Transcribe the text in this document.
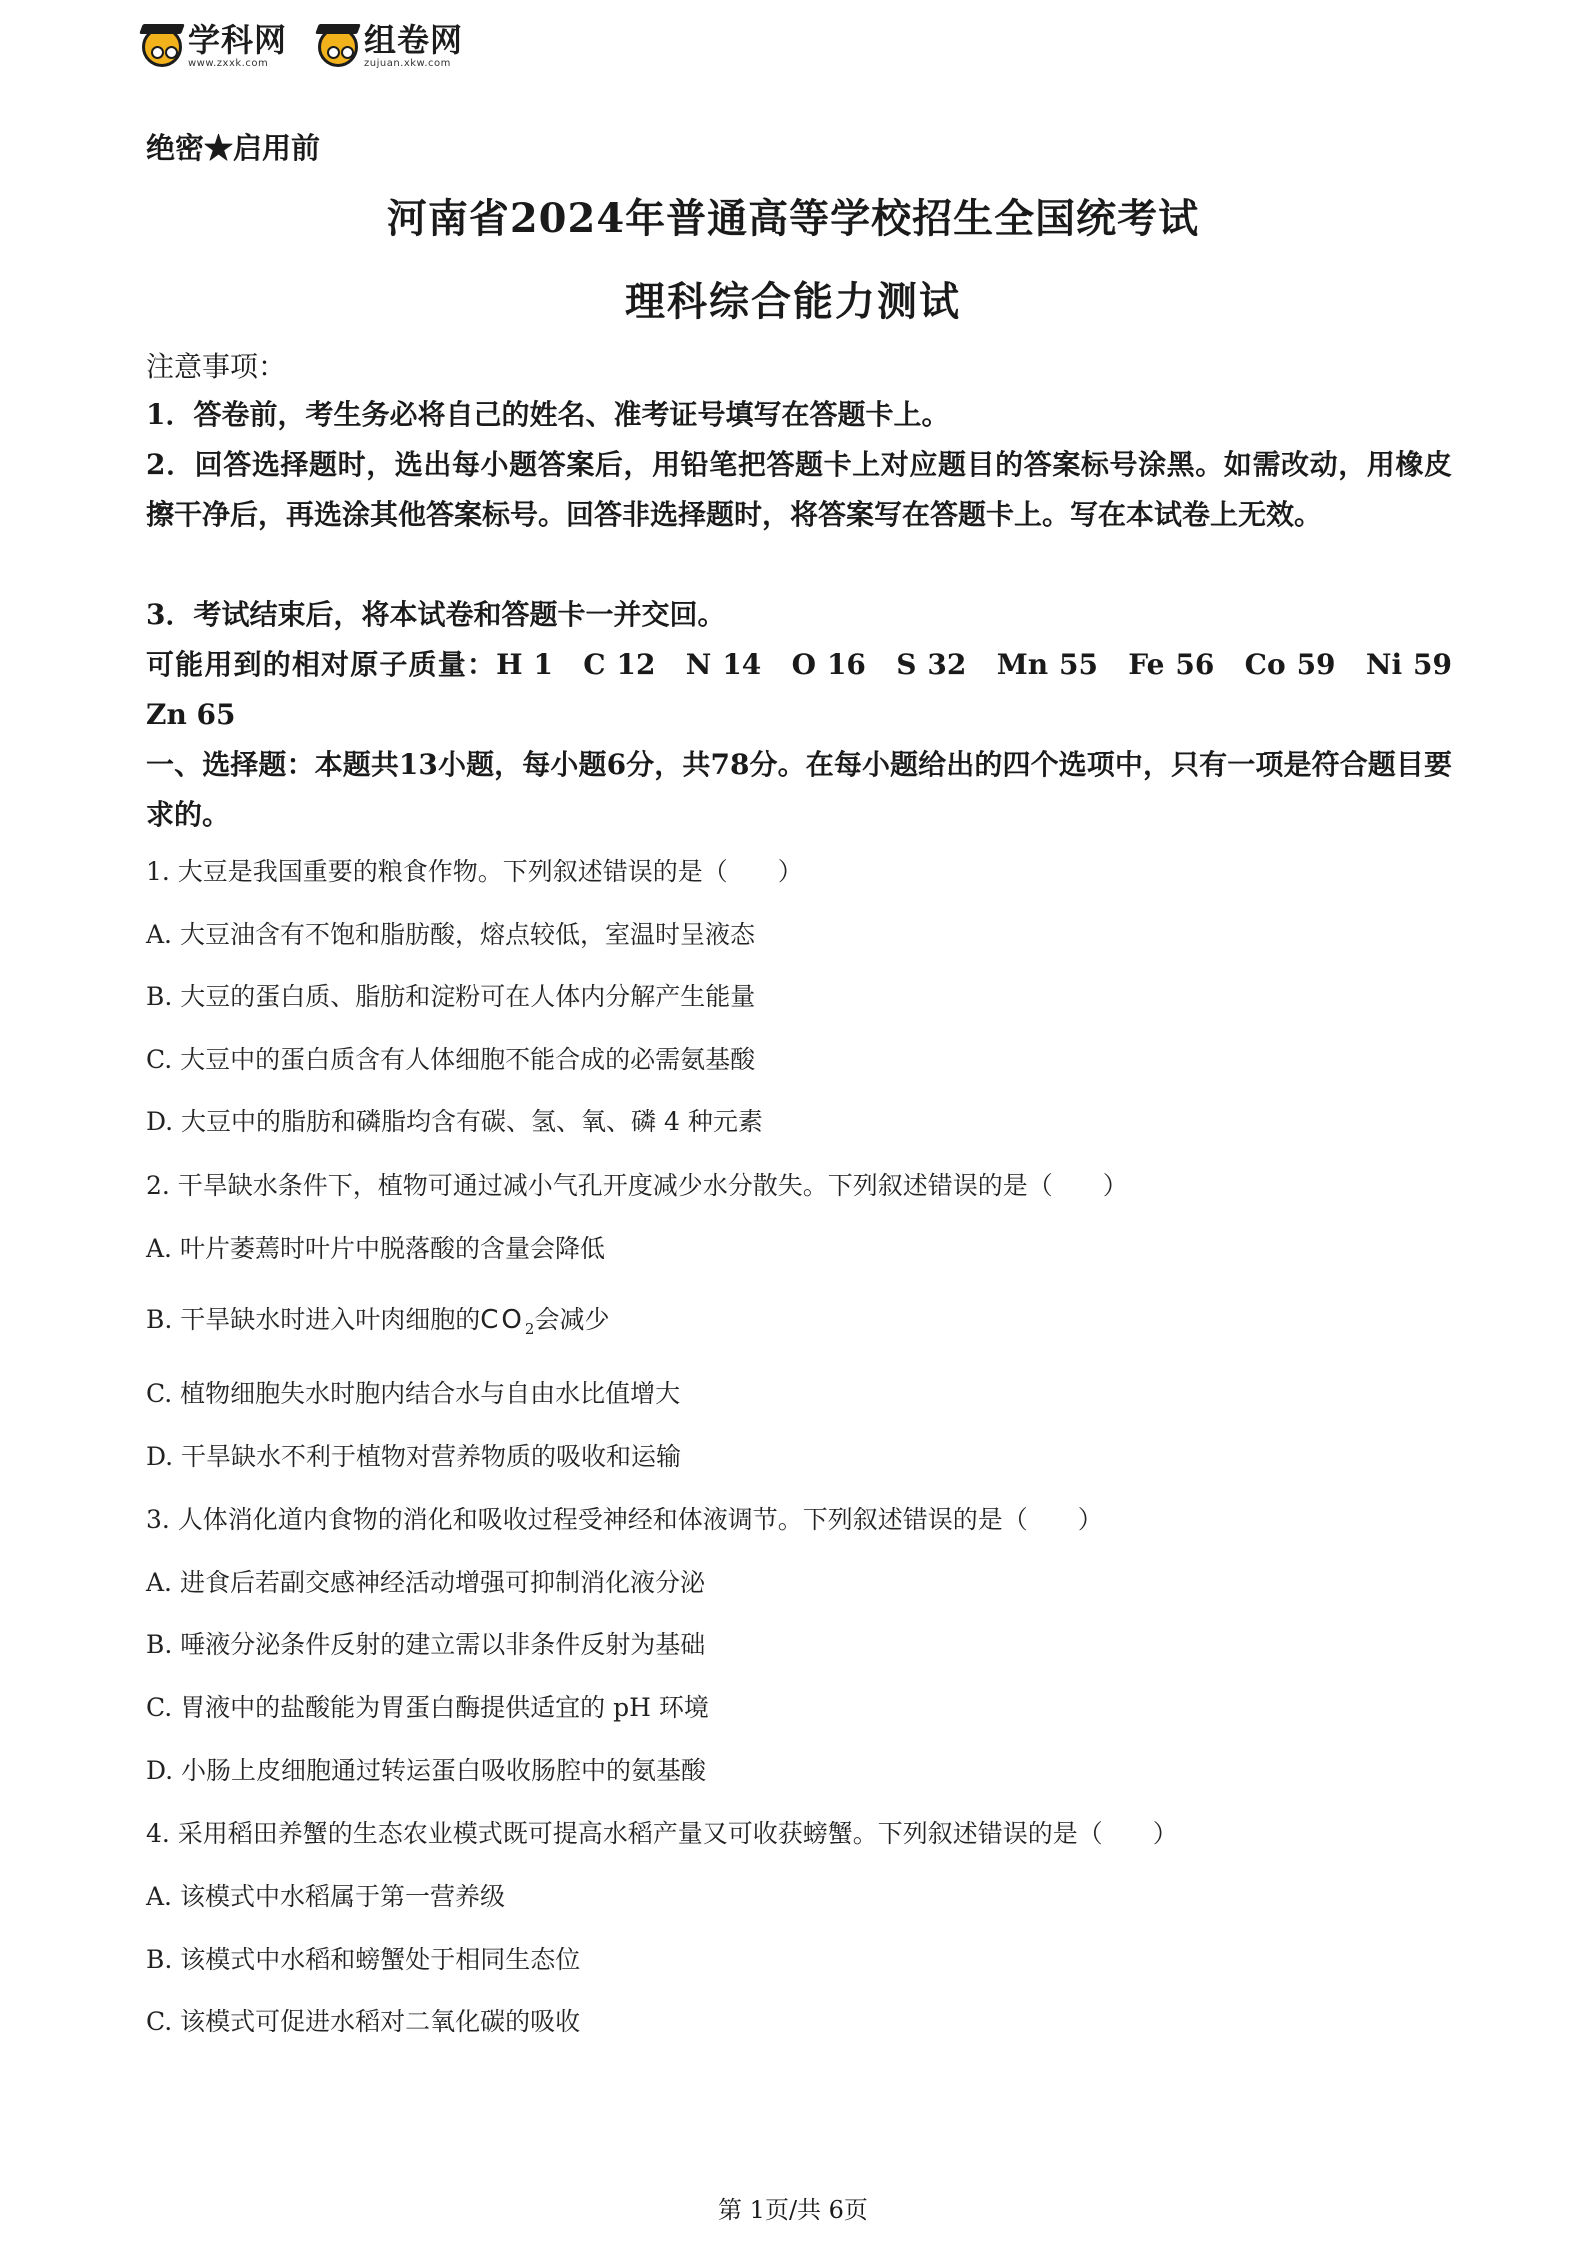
学科网
www.zxxk.com
组卷网
zujuan.xkw.com
绝密★启用前
河南省2024年普通高等学校招生全国统考试
理科综合能力测试
注意事项：
1．答卷前，考生务必将自己的姓名、准考证号填写在答题卡上。
2．回答选择题时，选出每小题答案后，用铅笔把答题卡上对应题目的答案标号涂黑。如需改动，用橡皮擦干净后，再选涂其他答案标号。回答非选择题时，将答案写在答题卡上。写在本试卷上无效。
3．考试结束后，将本试卷和答题卡一并交回。
可能用到的相对原子质量：H 1　C 12　N 14　O 16　S 32　Mn 55　Fe 56　Co 59　Ni 59　Zn 65
一、选择题：本题共13小题，每小题6分，共78分。在每小题给出的四个选项中，只有一项是符合题目要求的。
1. 大豆是我国重要的粮食作物。下列叙述错误的是（　　）
A. 大豆油含有不饱和脂肪酸，熔点较低，室温时呈液态
B. 大豆的蛋白质、脂肪和淀粉可在人体内分解产生能量
C. 大豆中的蛋白质含有人体细胞不能合成的必需氨基酸
D. 大豆中的脂肪和磷脂均含有碳、氢、氧、磷 4 种元素
2. 干旱缺水条件下，植物可通过减小气孔开度减少水分散失。下列叙述错误的是（　　）
A. 叶片萎蔫时叶片中脱落酸的含量会降低
B. 干旱缺水时进入叶肉细胞的$CO_2$会减少
C. 植物细胞失水时胞内结合水与自由水比值增大
D. 干旱缺水不利于植物对营养物质的吸收和运输
3. 人体消化道内食物的消化和吸收过程受神经和体液调节。下列叙述错误的是（　　）
A. 进食后若副交感神经活动增强可抑制消化液分泌
B. 唾液分泌条件反射的建立需以非条件反射为基础
C. 胃液中的盐酸能为胃蛋白酶提供适宜的 pH 环境
D. 小肠上皮细胞通过转运蛋白吸收肠腔中的氨基酸
4. 采用稻田养蟹的生态农业模式既可提高水稻产量又可收获螃蟹。下列叙述错误的是（　　）
A. 该模式中水稻属于第一营养级
B. 该模式中水稻和螃蟹处于相同生态位
C. 该模式可促进水稻对二氧化碳的吸收
第 1页/共 6页
